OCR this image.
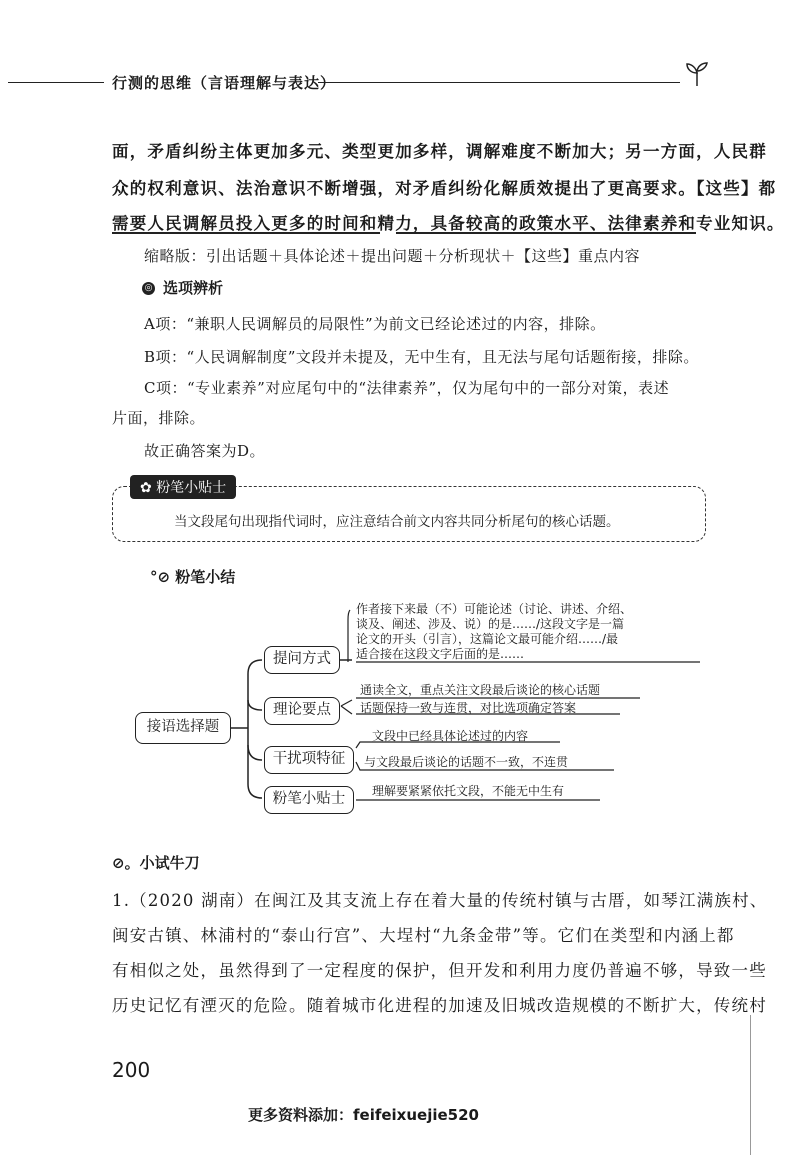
行测的思维（言语理解与表达）
面，矛盾纠纷主体更加多元、类型更加多样，调解难度不断加大；另一方面，人民群
众的权利意识、法治意识不断增强，对矛盾纠纷化解质效提出了更高要求。【这些】都
需要人民调解员投入更多的时间和精力，具备较高的政策水平、法律素养和专业知识。
缩略版：引出话题＋具体论述＋提出问题＋分析现状＋【这些】重点内容
◎ 选项辨析
A项：“兼职人民调解员的局限性”为前文已经论述过的内容，排除。
B项：“人民调解制度”文段并未提及，无中生有，且无法与尾句话题衔接，排除。
C项：“专业素养”对应尾句中的“法律素养”，仅为尾句中的一部分对策，表述
片面，排除。
故正确答案为D。
✿ 粉笔小贴士
当文段尾句出现指代词时，应注意结合前文内容共同分析尾句的核心话题。
°⊘ 粉笔小结
接语选择题
提问方式
理论要点
干扰项特征
粉笔小贴士
作者接下来最（不）可能论述（讨论、讲述、介绍、
谈及、阐述、涉及、说）的是……/这段文字是一篇
论文的开头（引言），这篇论文最可能介绍……/最
适合接在这段文字后面的是……
通读全文，重点关注文段最后谈论的核心话题
话题保持一致与连贯，对比选项确定答案
文段中已经具体论述过的内容
与文段最后谈论的话题不一致，不连贯
理解要紧紧依托文段，不能无中生有
⊘。小试牛刀
1.（2020 湖南）在闽江及其支流上存在着大量的传统村镇与古厝，如琴江满族村、
闽安古镇、林浦村的“泰山行宫”、大埕村“九条金带”等。它们在类型和内涵上都
有相似之处，虽然得到了一定程度的保护，但开发和利用力度仍普遍不够，导致一些
历史记忆有湮灭的危险。随着城市化进程的加速及旧城改造规模的不断扩大，传统村
200
更多资料添加：feifeixuejie520
